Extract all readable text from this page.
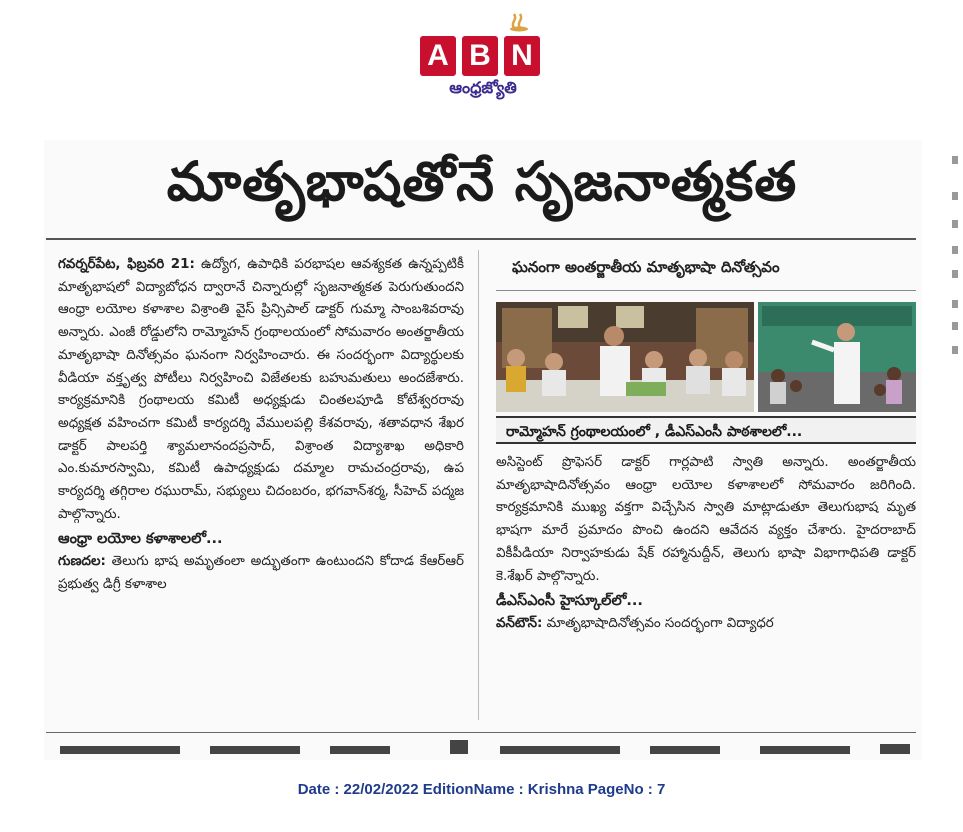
A B N
ఆంధ్రజ్యోతి
మాతృభాషతోనే సృజనాత్మకత

గవర్నర్‌పేట, ఫిబ్రవరి 21: ఉద్యోగ, ఉపాధికి పరభాషల ఆవశ్యకత ఉన్నప్పటికీ మాతృభాషలో విద్యాబోధన ద్వారానే చిన్నారుల్లో సృజనాత్మకత పెరుగుతుందని ఆంధ్రా లయోల కళాశాల విశ్రాంతి వైస్ ప్రిన్సిపాల్ డాక్టర్ గుమ్మా సాంబశివరావు అన్నారు. ఎంజీ రోడ్డులోని రామ్మోహన్ గ్రంథాలయంలో సోమవారం అంతర్జాతీయ మాతృభాషా దినోత్సవం ఘనంగా నిర్వహించారు. ఈ సందర్భంగా విద్యార్థులకు వీడియా వక్తృత్వ పోటీలు నిర్వహించి విజేతలకు బహుమతులు అందజేశారు. కార్యక్రమానికి గ్రంథాలయ కమిటీ అధ్యక్షుడు చింతలపూడి కోటేశ్వరరావు అధ్యక్షత వహించగా కమిటీ కార్యదర్శి వేములపల్లి కేశవరావు, శతావధాన శేఖర డాక్టర్ పాలపర్తి శ్యామలానందప్రసాద్, విశ్రాంత విద్యాశాఖ అధికారి ఎం.కుమారస్వామి, కమిటీ ఉపాధ్యక్షుడు దమ్మాల రామచంద్రరావు, ఉప కార్యదర్శి తగ్గిరాల రఘురామ్, సభ్యులు చిదంబరం, భగవాన్‌శర్మ, సీహెచ్ పద్మజ పాల్గొన్నారు.

ఆంధ్రా లయోల కళాశాలలో...

గుణదల: తెలుగు భాష అమృతంలా అద్భుతంగా ఉంటుందని కోదాడ కేఆర్ఆర్ ప్రభుత్వ డిగ్రీ కళాశాల

ఘనంగా అంతర్జాతీయ మాతృభాషా దినోత్సవం
రామ్మోహన్ గ్రంథాలయంలో , డీఎస్ఎంసీ పాఠశాలలో...

అసిస్టెంట్ ప్రొఫెసర్ డాక్టర్ గార్లపాటి స్వాతి అన్నారు. అంతర్జాతీయ మాతృభాషాదినోత్సవం ఆంధ్రా లయోల కళాశాలలో సోమవారం జరిగింది. కార్యక్రమానికి ముఖ్య వక్తగా విచ్చేసిన స్వాతి మాట్లాడుతూ తెలుగుభాష మృత భాషగా మారే ప్రమాదం పొంచి ఉందని ఆవేదన వ్యక్తం చేశారు. హైదరాబాద్ వికీపీడియా నిర్వాహకుడు షేక్ రహ్మానుద్దీన్, తెలుగు భాషా విభాగాధిపతి డాక్టర్ కె.శేఖర్ పాల్గొన్నారు.

డీఎస్ఎంసీ హైస్కూల్‌లో...

వన్‌టౌన్: మాతృభాషాదినోత్సవం సందర్భంగా విద్యాధర

Date : 22/02/2022 EditionName : Krishna PageNo : 7
